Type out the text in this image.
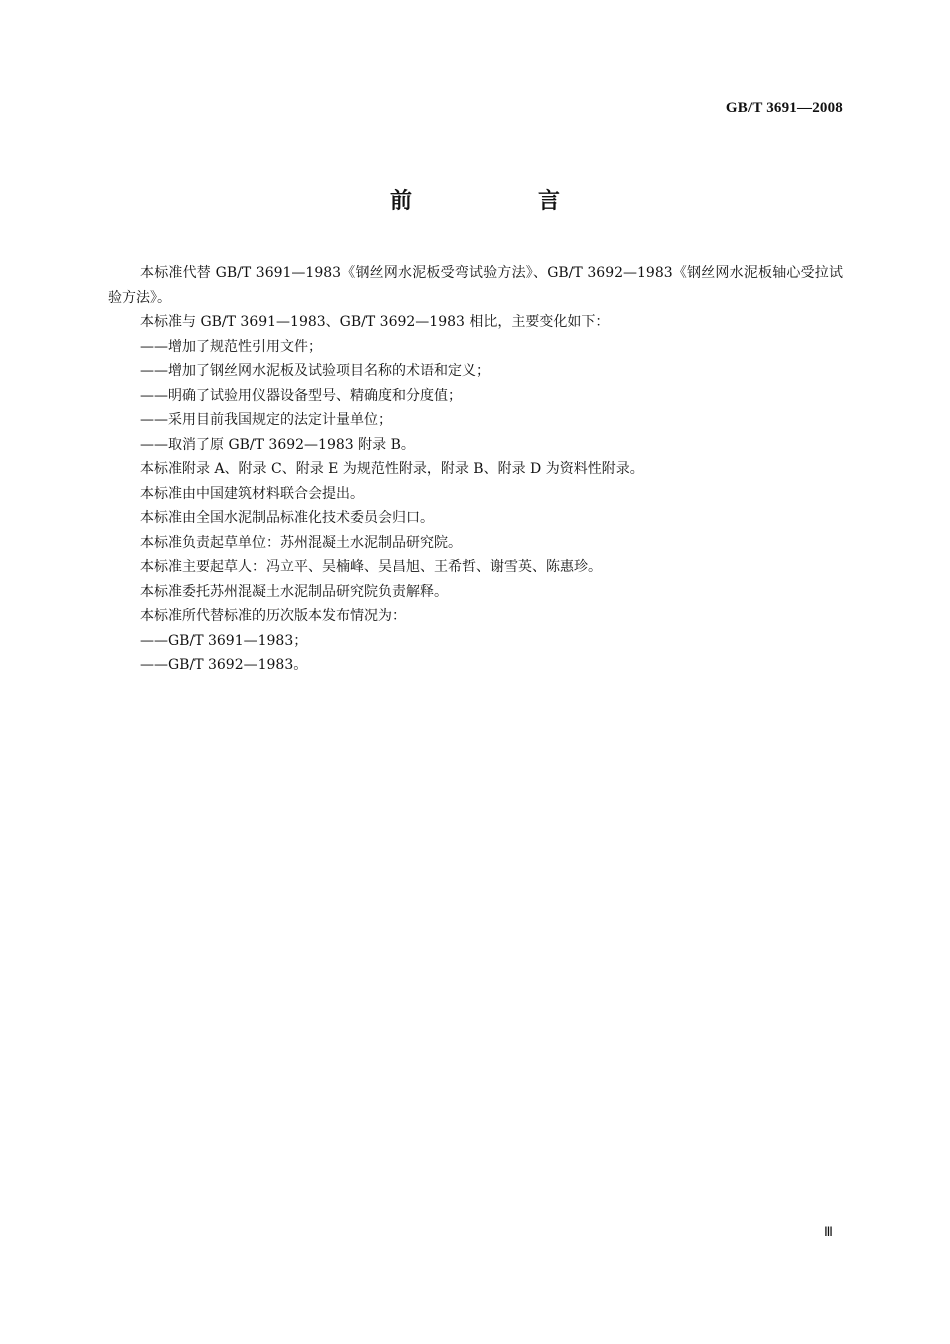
GB/T 3691—2008
前　言

本标准代替 GB/T 3691—1983《钢丝网水泥板受弯试验方法》、GB/T 3692—1983《钢丝网水泥板轴心受拉试验方法》。

本标准与 GB/T 3691—1983、GB/T 3692—1983 相比，主要变化如下：

——增加了规范性引用文件；

——增加了钢丝网水泥板及试验项目名称的术语和定义；

——明确了试验用仪器设备型号、精确度和分度值；

——采用目前我国规定的法定计量单位；

——取消了原 GB/T 3692—1983 附录 B。

本标准附录 A、附录 C、附录 E 为规范性附录，附录 B、附录 D 为资料性附录。

本标准由中国建筑材料联合会提出。

本标准由全国水泥制品标准化技术委员会归口。

本标准负责起草单位：苏州混凝土水泥制品研究院。

本标准主要起草人：冯立平、吴楠峰、吴昌旭、王希哲、谢雪英、陈惠珍。

本标准委托苏州混凝土水泥制品研究院负责解释。

本标准所代替标准的历次版本发布情况为：

——GB/T 3691—1983；

——GB/T 3692—1983。

Ⅲ
